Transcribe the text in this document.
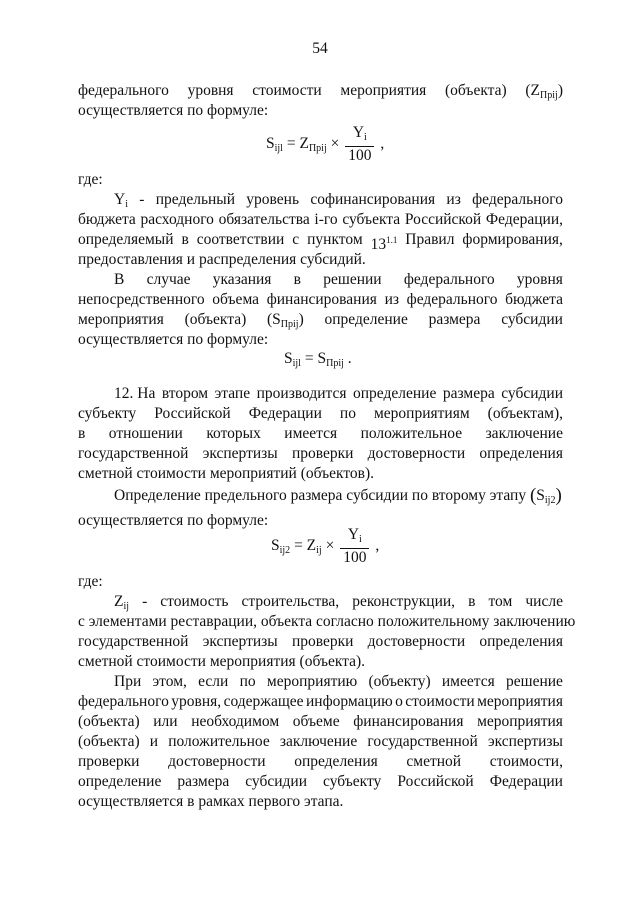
54
федерального уровня стоимости мероприятия (объекта) $(Z_{Прij})$
осуществляется по формуле:
$S_{ijl} = Z_{Прij} \times \frac{Y_i}{100}$ ,
где:
$Y_i$ - предельный уровень софинансирования из федерального
бюджета расходного обязательства i-го субъекта Российской Федерации,
определяемый в соответствии с пунктом $13^{1.1}$ Правил формирования,
предоставления и распределения субсидий.
В случае указания в решении федерального уровня
непосредственного объема финансирования из федерального бюджета
мероприятия (объекта) $(S_{Прij})$ определение размера субсидии
осуществляется по формуле:
$S_{ijl} = S_{Прij}$ .
12. На втором этапе производится определение размера субсидии
субъекту Российской Федерации по мероприятиям (объектам),
в отношении которых имеется положительное заключение
государственной экспертизы проверки достоверности определения
сметной стоимости мероприятий (объектов).
Определение предельного размера субсидии по второму этапу $(S_{ij2})$
осуществляется по формуле:
$S_{ij2} = Z_{ij} \times \frac{Y_i}{100}$ ,
где:
$Z_{ij}$ - стоимость строительства, реконструкции, в том числе
с элементами реставрации, объекта согласно положительному заключению
государственной экспертизы проверки достоверности определения
сметной стоимости мероприятия (объекта).
При этом, если по мероприятию (объекту) имеется решение
федерального уровня, содержащее информацию о стоимости мероприятия
(объекта) или необходимом объеме финансирования мероприятия
(объекта) и положительное заключение государственной экспертизы
проверки достоверности определения сметной стоимости,
определение размера субсидии субъекту Российской Федерации
осуществляется в рамках первого этапа.
